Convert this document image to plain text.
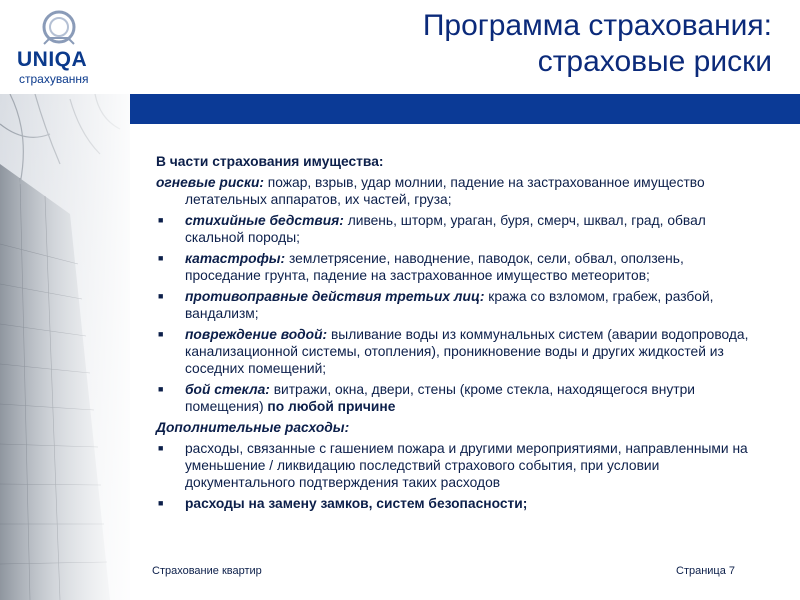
UNIQA
страхування
Программа страхования:
страховые риски
В части страхования имущества:
огневые риски: пожар, взрыв, удар молнии, падение на застрахованное имущество летательных аппаратов, их частей, груза;
■ стихийные бедствия: ливень, шторм, ураган, буря, смерч, шквал, град, обвал скальной породы;
■ катастрофы: землетрясение, наводнение, паводок, сели, обвал, оползень, проседание грунта, падение на застрахованное имущество метеоритов;
■ противоправные действия третьих лиц: кража со взломом, грабеж, разбой, вандализм;
■ повреждение водой: выливание воды из коммунальных систем (аварии водопровода, канализационной системы, отопления), проникновение воды и других жидкостей из соседних помещений;
■ бой стекла: витражи, окна, двери, стены (кроме стекла, находящегося внутри помещения) по любой причине
Дополнительные расходы:
■ расходы, связанные с гашением пожара и другими мероприятиями, направленными на уменьшение / ликвидацию последствий страхового события, при условии документального подтверждения таких расходов
■ расходы на замену замков, систем безопасности;
Страхование квартир	Страница 7
